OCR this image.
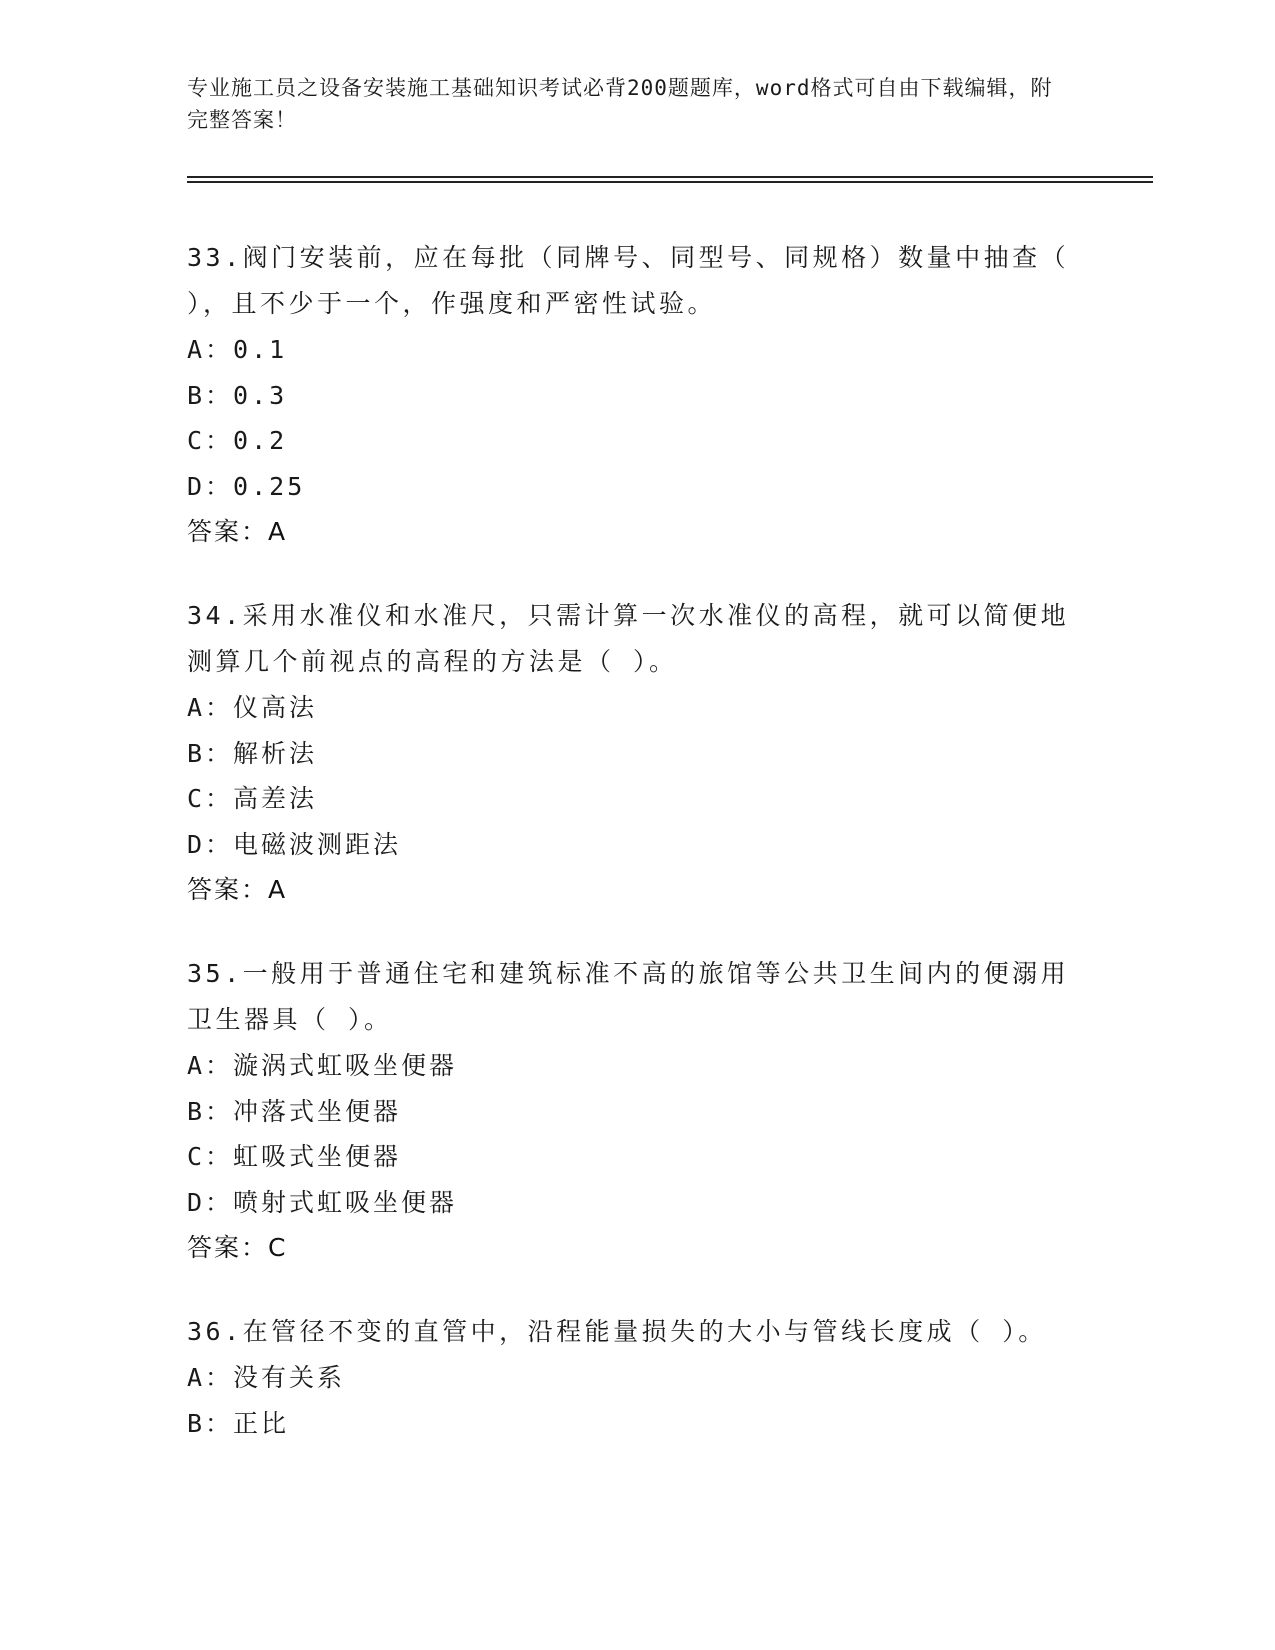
专业施工员之设备安装施工基础知识考试必背200题题库，word格式可自由下载编辑，附完整答案！

33.阀门安装前，应在每批（同牌号、同型号、同规格）数量中抽查（ ），且不少于一个，作强度和严密性试验。

A：0.1

B：0.3

C：0.2

D：0.25

答案：A

34.采用水准仪和水准尺，只需计算一次水准仪的高程，就可以简便地测算几个前视点的高程的方法是（ ）。

A：仪高法

B：解析法

C：高差法

D：电磁波测距法

答案：A

35.一般用于普通住宅和建筑标准不高的旅馆等公共卫生间内的便溺用卫生器具（ ）。

A：漩涡式虹吸坐便器

B：冲落式坐便器

C：虹吸式坐便器

D：喷射式虹吸坐便器

答案：C

36.在管径不变的直管中，沿程能量损失的大小与管线长度成（ ）。

A：没有关系

B：正比
